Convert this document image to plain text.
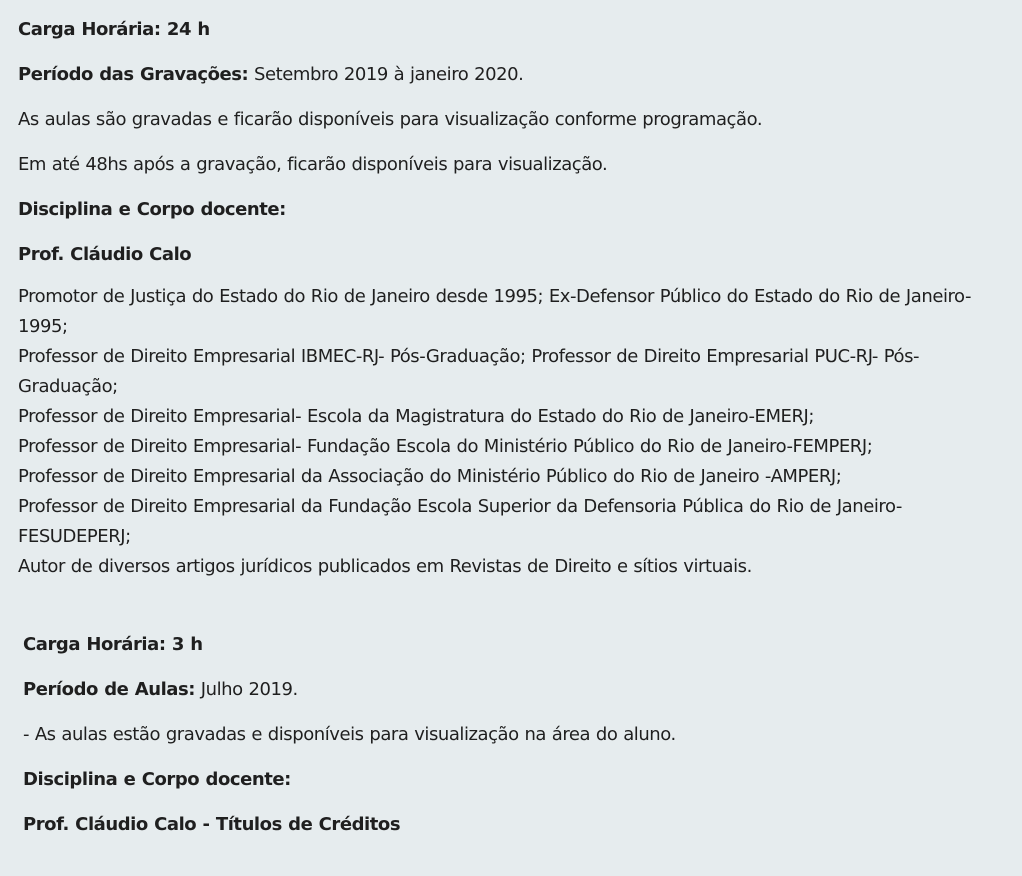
Carga Horária: 24 h

Período das Gravações: Setembro 2019 à janeiro 2020.

As aulas são gravadas e ficarão disponíveis para visualização conforme programação.

Em até 48hs após a gravação, ficarão disponíveis para visualização.

Disciplina e Corpo docente:

Prof. Cláudio Calo

Promotor de Justiça do Estado do Rio de Janeiro desde 1995; Ex-Defensor Público do Estado do Rio de Janeiro-1995;
Professor de Direito Empresarial IBMEC-RJ- Pós-Graduação; Professor de Direito Empresarial PUC-RJ- Pós-Graduação;
Professor de Direito Empresarial- Escola da Magistratura do Estado do Rio de Janeiro-EMERJ;
Professor de Direito Empresarial- Fundação Escola do Ministério Público do Rio de Janeiro-FEMPERJ;
Professor de Direito Empresarial da Associação do Ministério Público do Rio de Janeiro -AMPERJ;
Professor de Direito Empresarial da Fundação Escola Superior da Defensoria Pública do Rio de Janeiro-FESUDEPERJ;
Autor de diversos artigos jurídicos publicados em Revistas de Direito e sítios virtuais.

Carga Horária: 3 h

Período de Aulas: Julho 2019.

- As aulas estão gravadas e disponíveis para visualização na área do aluno.

Disciplina e Corpo docente:

Prof. Cláudio Calo - Títulos de Créditos
